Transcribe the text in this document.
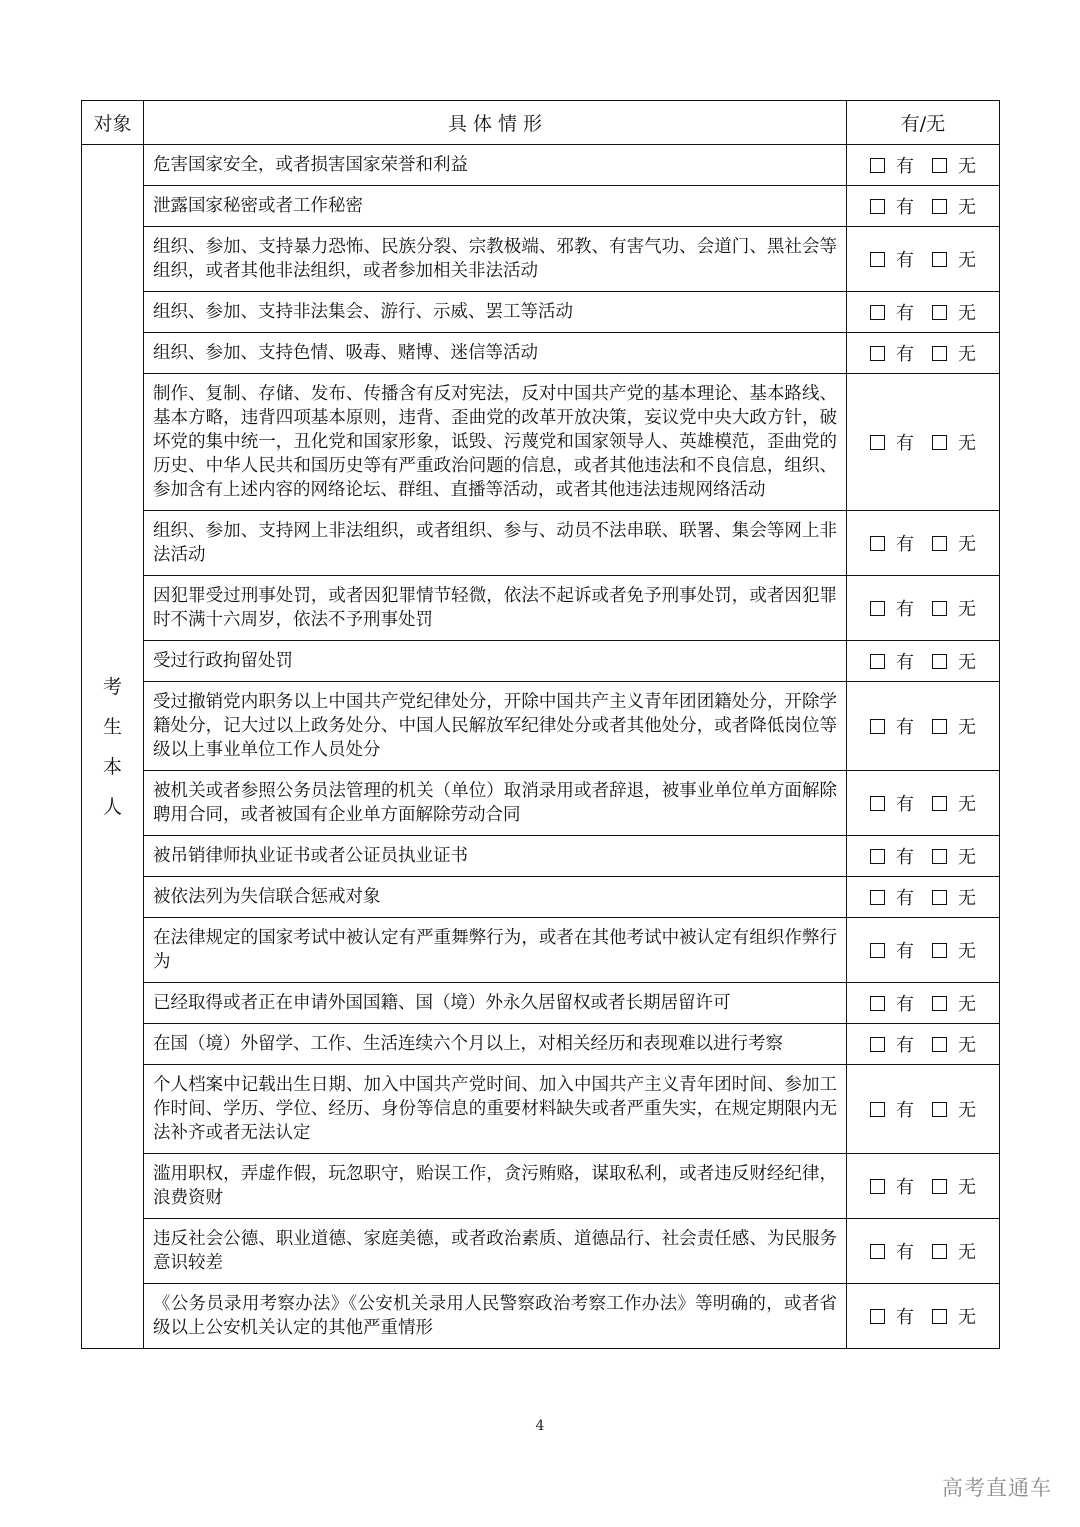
对象	具 体 情 形	有/无

考
生
本
人	危害国家安全，或者损害国家荣誉和利益	有 无
	泄露国家秘密或者工作秘密	有 无
	组织、参加、支持暴力恐怖、民族分裂、宗教极端、邪教、有害气功、会道门、黑社会等组织，或者其他非法组织，或者参加相关非法活动	有 无
	组织、参加、支持非法集会、游行、示威、罢工等活动	有 无
	组织、参加、支持色情、吸毒、赌博、迷信等活动	有 无
	制作、复制、存储、发布、传播含有反对宪法，反对中国共产党的基本理论、基本路线、基本方略，违背四项基本原则，违背、歪曲党的改革开放决策，妄议党中央大政方针，破坏党的集中统一，丑化党和国家形象，诋毁、污蔑党和国家领导人、英雄模范，歪曲党的历史、中华人民共和国历史等有严重政治问题的信息，或者其他违法和不良信息，组织、参加含有上述内容的网络论坛、群组、直播等活动，或者其他违法违规网络活动	有 无
	组织、参加、支持网上非法组织，或者组织、参与、动员不法串联、联署、集会等网上非法活动	有 无
	因犯罪受过刑事处罚，或者因犯罪情节轻微，依法不起诉或者免予刑事处罚，或者因犯罪时不满十六周岁，依法不予刑事处罚	有 无
	受过行政拘留处罚	有 无
	受过撤销党内职务以上中国共产党纪律处分，开除中国共产主义青年团团籍处分，开除学籍处分，记大过以上政务处分、中国人民解放军纪律处分或者其他处分，或者降低岗位等级以上事业单位工作人员处分	有 无
	被机关或者参照公务员法管理的机关（单位）取消录用或者辞退，被事业单位单方面解除聘用合同，或者被国有企业单方面解除劳动合同	有 无
	被吊销律师执业证书或者公证员执业证书	有 无
	被依法列为失信联合惩戒对象	有 无
	在法律规定的国家考试中被认定有严重舞弊行为，或者在其他考试中被认定有组织作弊行为	有 无
	已经取得或者正在申请外国国籍、国（境）外永久居留权或者长期居留许可	有 无
	在国（境）外留学、工作、生活连续六个月以上，对相关经历和表现难以进行考察	有 无
	个人档案中记载出生日期、加入中国共产党时间、加入中国共产主义青年团时间、参加工作时间、学历、学位、经历、身份等信息的重要材料缺失或者严重失实，在规定期限内无法补齐或者无法认定	有 无
	滥用职权，弄虚作假，玩忽职守，贻误工作，贪污贿赂，谋取私利，或者违反财经纪律，浪费资财	有 无
	违反社会公德、职业道德、家庭美德，或者政治素质、道德品行、社会责任感、为民服务意识较差	有 无
	《公务员录用考察办法》《公安机关录用人民警察政治考察工作办法》等明确的，或者省级以上公安机关认定的其他严重情形	有 无
4
高考直通车
